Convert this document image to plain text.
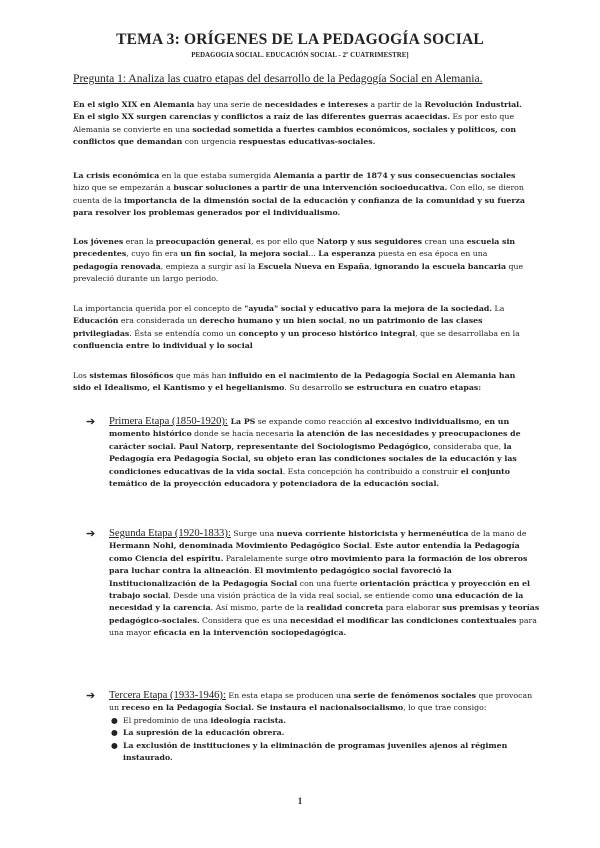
TEMA 3: ORÍGENES DE LA PEDAGOGÍA SOCIAL
PEDAGOGIA SOCIAL. EDUCACIÓN SOCIAL - 2º CUATRIMESTRE]
Pregunta 1: Analiza las cuatro etapas del desarrollo de la Pedagogía Social en Alemania.
En el siglo XIX en Alemania hay una serie de necesidades e intereses a partir de la Revolución Industrial. En el siglo XX surgen carencias y conflictos a raíz de las diferentes guerras acaecidas. Es por esto que Alemania se convierte en una sociedad sometida a fuertes cambios económicos, sociales y políticos, con conflictos que demandan con urgencia respuestas educativas-sociales.
La crisis económica en la que estaba sumergida Alemania a partir de 1874 y sus consecuencias sociales hizo que se empezarán a buscar soluciones a partir de una intervención socioeducativa. Con ello, se dieron cuenta de la importancia de la dimensión social de la educación y confianza de la comunidad y su fuerza para resolver los problemas generados por el individualismo.
Los jóvenes eran la preocupación general, es por ello que Natorp y sus seguidores crean una escuela sin precedentes, cuyo fin era un fin social, la mejora social... La esperanza puesta en esa época en una pedagogía renovada, empieza a surgir así la Escuela Nueva en España, ignorando la escuela bancaria que prevaleció durante un largo periodo.
La importancia querida por el concepto de "ayuda" social y educativo para la mejora de la sociedad. La Educación era considerada un derecho humano y un bien social, no un patrimonio de las clases privilegiadas. Ésta se entendía como un concepto y un proceso histórico integral, que se desarrollaba en la confluencia entre lo individual y lo social
Los sistemas filosóficos que más han influido en el nacimiento de la Pedagogía Social en Alemania han sido el Idealismo, el Kantismo y el hegelianismo. Su desarrollo se estructura en cuatro etapas:
➔ Primera Etapa (1850-1920): La PS se expande como reacción al excesivo individualismo, en un momento histórico donde se hacía necesaria la atención de las necesidades y preocupaciones de carácter social. Paul Natorp, representante del Sociologismo Pedagógico, consideraba que, la Pedagogía era Pedagogía Social, su objeto eran las condiciones sociales de la educación y las condiciones educativas de la vida social. Esta concepción ha contribuido a construir el conjunto temático de la proyección educadora y potenciadora de la educación social.
➔ Segunda Etapa (1920-1833): Surge una nueva corriente historicista y hermenéutica de la mano de Hermann Nohl, denominada Movimiento Pedagógico Social. Este autor entendía la Pedagogía como Ciencia del espíritu. Paralelamente surge otro movimiento para la formación de los obreros para luchar contra la alineación. El movimiento pedagógico social favoreció la Institucionalización de la Pedagogía Social con una fuerte orientación práctica y proyección en el trabajo social. Desde una visión práctica de la vida real social, se entiende como una educación de la necesidad y la carencia. Así mismo, parte de la realidad concreta para elaborar sus premisas y teorías pedagógico-sociales. Considera que es una necesidad el modificar las condiciones contextuales para una mayor eficacia en la intervención sociopedagógica.
➔ Tercera Etapa (1933-1946): En esta etapa se producen una serie de fenómenos sociales que provocan un receso en la Pedagogía Social. Se instaura el nacionalsocialismo, lo que trae consigo:
● El predominio de una ideología racista.
● La supresión de la educación obrera.
● La exclusión de instituciones y la eliminación de programas juveniles ajenos al régimen instaurado.
1
